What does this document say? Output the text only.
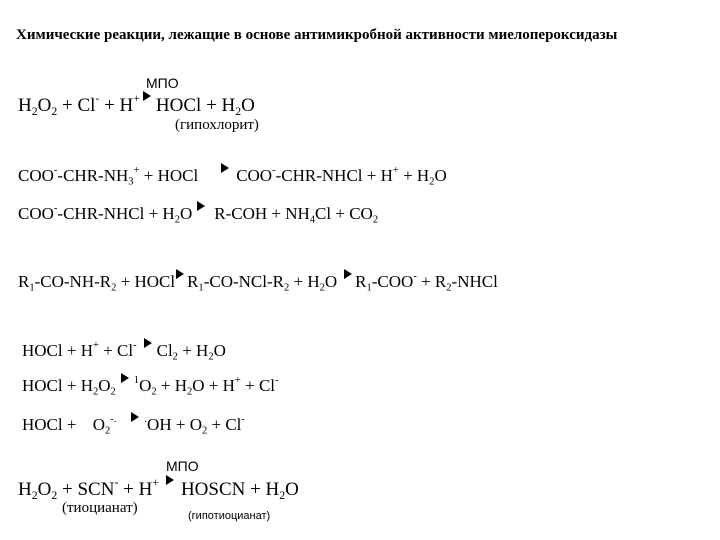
Химические реакции, лежащие в основе антимикробной активности миелопероксидазы
МПО
$H_2O_2 + Cl^- + H^+$ HOCl + $H_2O$
(гипохлорит)
$COO^--CHR-NH_3^+$ + HOCl COO--CHR-NHCl + $H^+ + H_2O$
COO--CHR-NHCl + $H_2O$ $R-COH + NH_4Cl + CO_2$
$R_1-CO-NH-R_2$ + HOCl $R_1-CO-NCl-R_2 + H_2O$ $R_1-COO^-$ + $R_2$-NHCl
HOCl + H+ + Cl- $Cl_2 + H_2O$
HOCl + $H_2O_2^1O_2 + H_2O + H^+ + Cl^-$
HOCl + $O_2^{-.}$	$^.OH + O_2 + Cl^-$
МПО
$H_2O_2 + SCN^- + H^+$ HOSCN + $H_2O$
(тиоцианат)	(гипотиоцианат)
